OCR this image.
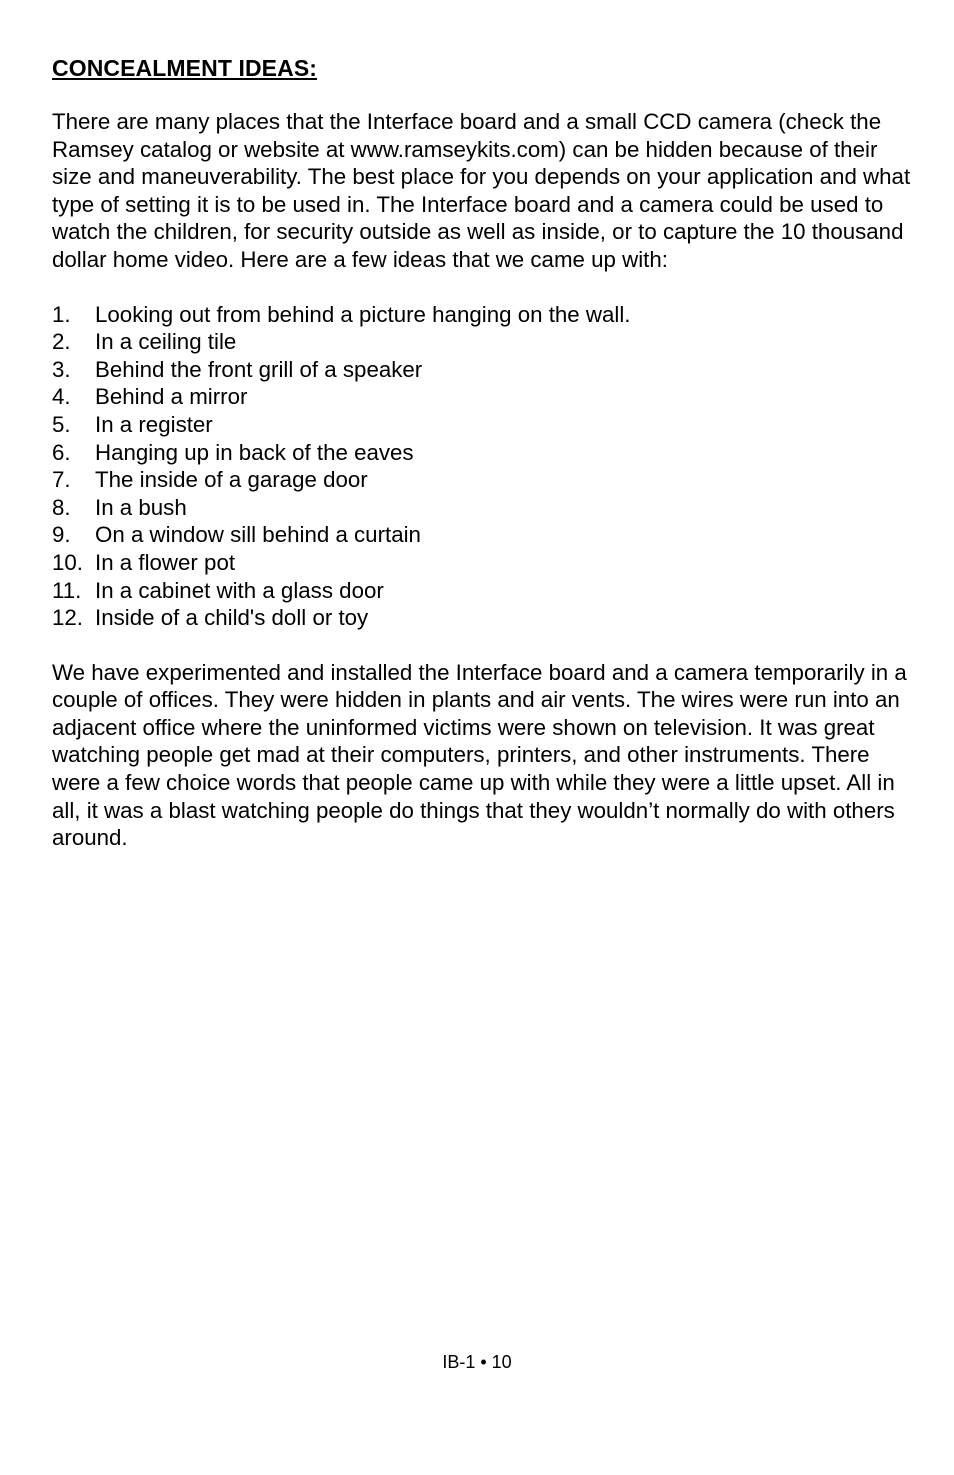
CONCEALMENT IDEAS:

There are many places that the Interface board and a small CCD camera (check the Ramsey catalog or website at www.ramseykits.com) can be hidden because of their size and maneuverability. The best place for you depends on your application and what type of setting it is to be used in. The Interface board and a camera could be used to watch the children, for security outside as well as inside, or to capture the 10 thousand dollar home video. Here are a few ideas that we came up with:

1. Looking out from behind a picture hanging on the wall.
2. In a ceiling tile
3. Behind the front grill of a speaker
4. Behind a mirror
5. In a register
6. Hanging up in back of the eaves
7. The inside of a garage door
8. In a bush
9. On a window sill behind a curtain
10. In a flower pot
11. In a cabinet with a glass door
12. Inside of a child's doll or toy

We have experimented and installed the Interface board and a camera temporarily in a couple of offices. They were hidden in plants and air vents. The wires were run into an adjacent office where the uninformed victims were shown on television. It was great watching people get mad at their computers, printers, and other instruments. There were a few choice words that people came up with while they were a little upset. All in all, it was a blast watching people do things that they wouldn’t normally do with others around.

IB-1 • 10
